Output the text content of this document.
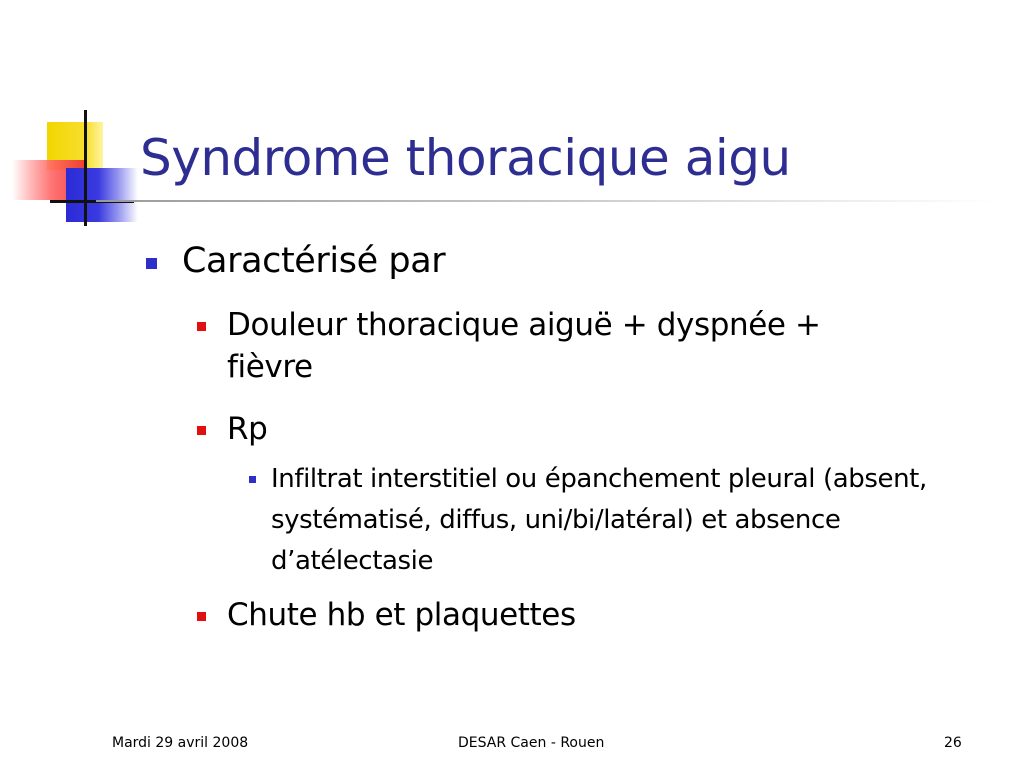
Syndrome thoracique aigu
Caractérisé par
Douleur thoracique aiguë + dyspnée + fièvre
Rp
Infiltrat interstitiel ou épanchement pleural (absent, systématisé, diffus, uni/bi/latéral) et absence d’atélectasie
Chute hb et plaquettes
Mardi 29 avril 2008	DESAR Caen - Rouen	26
